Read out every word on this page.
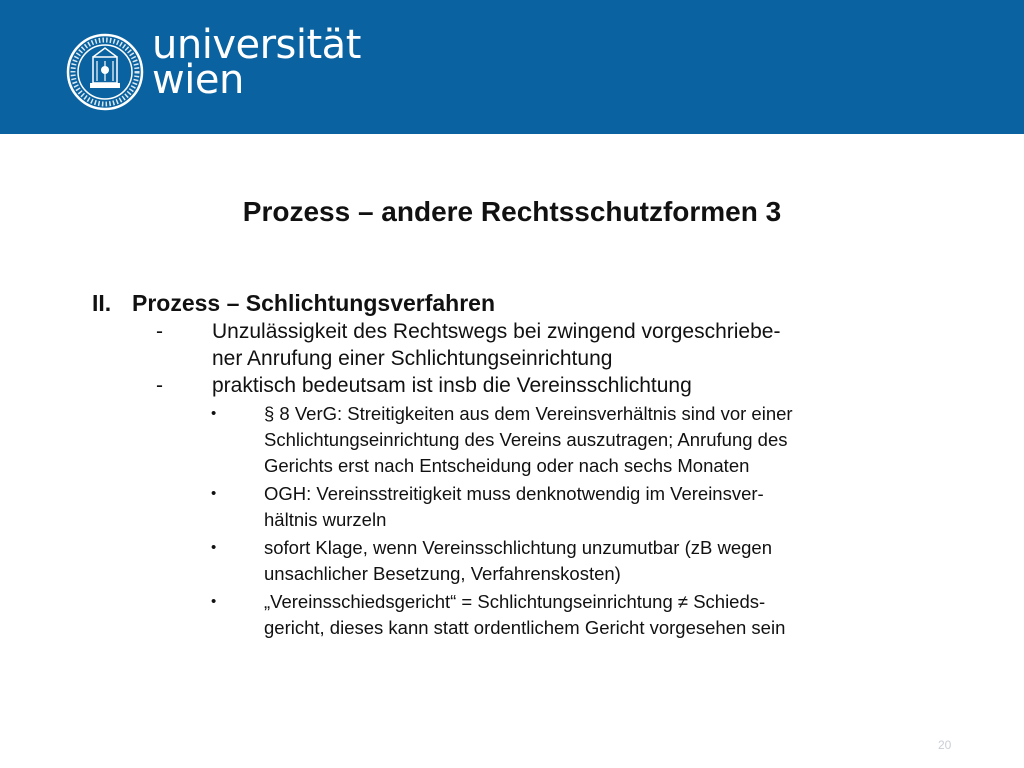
universität
wien
Prozess – andere Rechtsschutzformen 3
II. Prozess – Schlichtungsverfahren
- Unzulässigkeit des Rechtswegs bei zwingend vorgeschriebe-
ner Anrufung einer Schlichtungseinrichtung
- praktisch bedeutsam ist insb die Vereinsschlichtung
•	§ 8 VerG: Streitigkeiten aus dem Vereinsverhältnis sind vor einer
Schlichtungseinrichtung des Vereins auszutragen; Anrufung des
Gerichts erst nach Entscheidung oder nach sechs Monaten
•	OGH: Vereinsstreitigkeit muss denknotwendig im Vereinsver-
hältnis wurzeln
•	sofort Klage, wenn Vereinsschlichtung unzumutbar (zB wegen
unsachlicher Besetzung, Verfahrenskosten)
•	„Vereinsschiedsgericht“ = Schlichtungseinrichtung ≠ Schieds-
gericht, dieses kann statt ordentlichem Gericht vorgesehen sein
20
